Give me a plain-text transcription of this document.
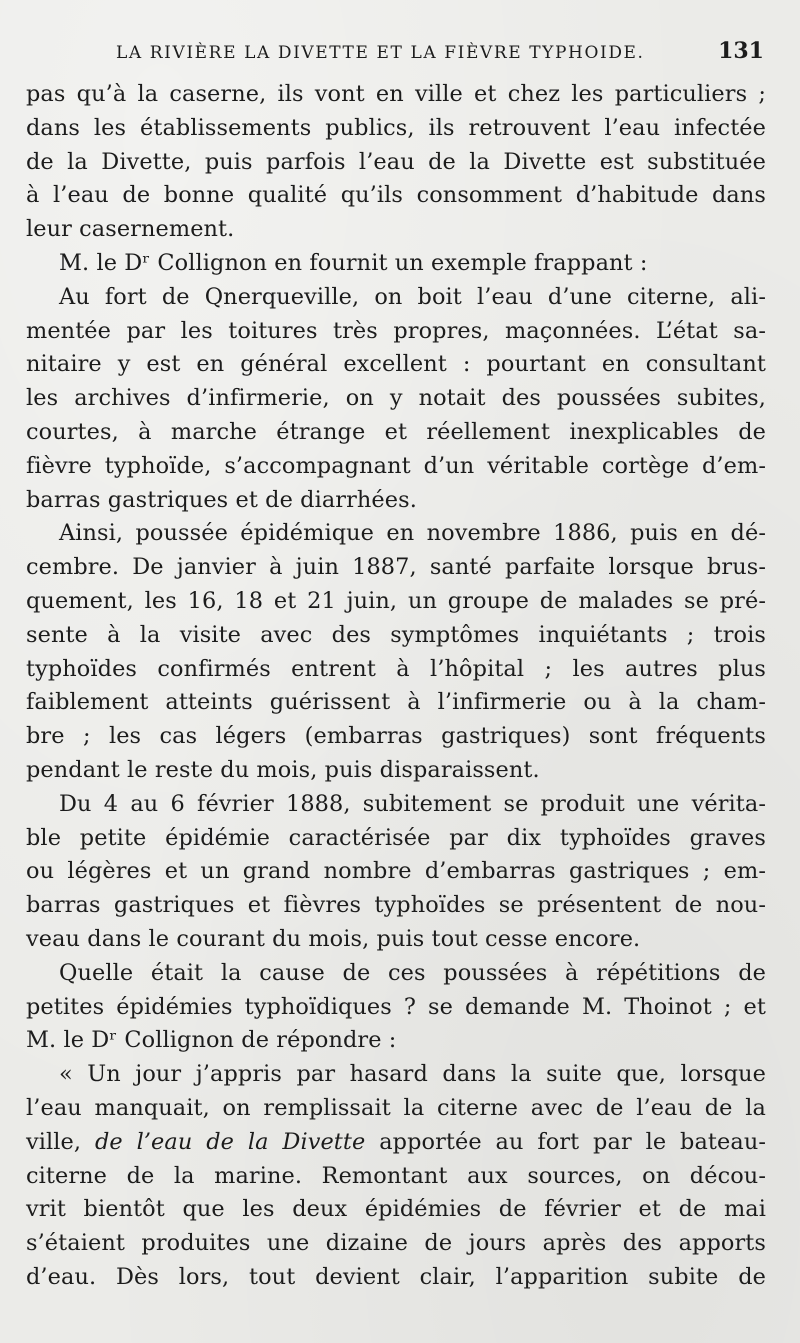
LA RIVIÈRE LA DIVETTE ET LA FIÈVRE TYPHOIDE.	131
pas qu’à la caserne, ils vont en ville et chez les particuliers ;
dans les établissements publics, ils retrouvent l’eau infectée
de la Divette, puis parfois l’eau de la Divette est substituée
à l’eau de bonne qualité qu’ils consomment d’habitude dans
leur casernement.
M. le Dʳ Collignon en fournit un exemple frappant :
Au fort de Qnerqueville, on boit l’eau d’une citerne, ali-
mentée par les toitures très propres, maçonnées. L’état sa-
nitaire y est en général excellent : pourtant en consultant
les archives d’infirmerie, on y notait des poussées subites,
courtes, à marche étrange et réellement inexplicables de
fièvre typhoïde, s’accompagnant d’un véritable cortège d’em-
barras gastriques et de diarrhées.
Ainsi, poussée épidémique en novembre 1886, puis en dé-
cembre. De janvier à juin 1887, santé parfaite lorsque brus-
quement, les 16, 18 et 21 juin, un groupe de malades se pré-
sente à la visite avec des symptômes inquiétants ; trois
typhoïdes confirmés entrent à l’hôpital ; les autres plus
faiblement atteints guérissent à l’infirmerie ou à la cham-
bre ; les cas légers (embarras gastriques) sont fréquents
pendant le reste du mois, puis disparaissent.
Du 4 au 6 février 1888, subitement se produit une vérita-
ble petite épidémie caractérisée par dix typhoïdes graves
ou légères et un grand nombre d’embarras gastriques ; em-
barras gastriques et fièvres typhoïdes se présentent de nou-
veau dans le courant du mois, puis tout cesse encore.
Quelle était la cause de ces poussées à répétitions de
petites épidémies typhoïdiques ? se demande M. Thoinot ; et
M. le Dʳ Collignon de répondre :
« Un jour j’appris par hasard dans la suite que, lorsque
l’eau manquait, on remplissait la citerne avec de l’eau de la
ville, de l’eau de la Divette apportée au fort par le bateau-
citerne de la marine. Remontant aux sources, on décou-
vrit bientôt que les deux épidémies de février et de mai
s’étaient produites une dizaine de jours après des apports
d’eau. Dès lors, tout devient clair, l’apparition subite de
